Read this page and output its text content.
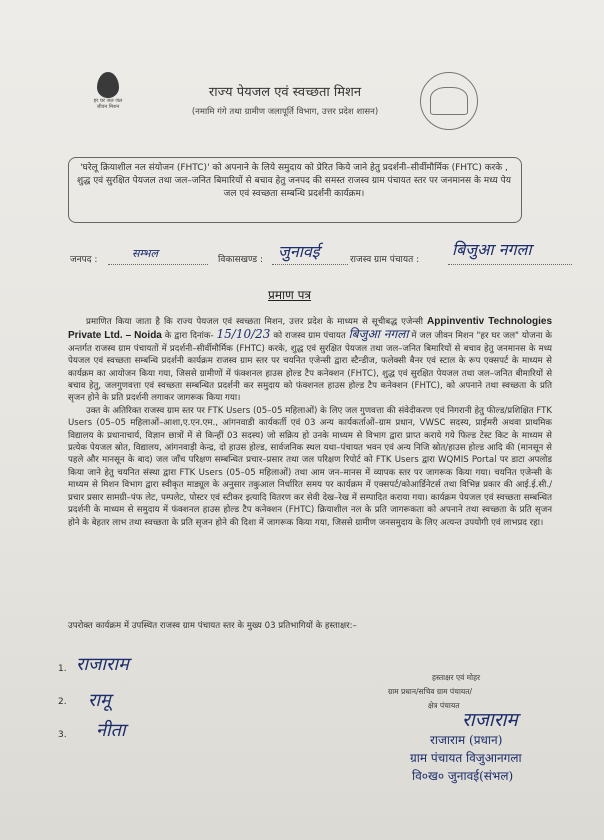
हर घर जल जल जीवन मिशन
राज्य पेयजल एवं स्वच्छता मिशन
(नमामि गंगे तथा ग्रामीण जलापूर्ति विभाग, उत्तर प्रदेश शासन)
'घरेलू क्रियाशील नल संयोजन (FHTC)' को अपनाने के लिये समुदाय को प्रेरित किये जाने हेतु प्रदर्शनी–सीर्वीमौर्मिक (FHTC) करके , शुद्ध एवं सुरक्षित पेयजल तथा जल–जनित बिमारियों से बचाव हेतु जनपद की समस्त राजस्व ग्राम पंचायत स्तर पर जनमानस के मध्य पेय जल एवं स्वच्छता सम्बन्धि प्रदर्शनी कार्यक्रम।
जनपद :	सम्भल	विकासखण्ड : जुनावई	राजस्व ग्राम पंचायत :
बिजुआ नगला
प्रमाण पत्र

प्रमाणित किया जाता है कि राज्य पेयजल एवं स्वच्छता मिशन, उत्तर प्रदेश के माध्यम से सूचीबद्ध एजेन्सी Appinventiv Technologies Private Ltd. – Noida के द्वारा दिनांक- 15/10/23 को राजस्व ग्राम पंचायत बिजुआ नगला में जल जीवन मिशन "हर घर जल" योजना के अन्तर्गत राजस्व ग्राम पंचायतों में प्रदर्शनी–सीर्वीमौर्मिक (FHTC) करके, शुद्ध एवं सुरक्षित पेयजल तथा जल–जनित बिमारियों से बचाव हेतु जनमानस के मध्य पेयजल एवं स्वच्छता सम्बन्धि प्रदर्शनी कार्यक्रम राजस्व ग्राम स्तर पर चयनित एजेन्सी द्वारा स्टैन्डीज, फलेक्सी बैनर एवं स्टाल के रूप एक्सपर्ट के माध्यम से कार्यक्रम का आयोजन किया गया, जिससे ग्रामीणों में फंक्शनल हाउस होल्ड टैप कनेक्शन (FHTC), शुद्ध एवं सुरक्षित पेयजल तथा जल–जनित बीमारियों से बचाव हेतु, जलगुणवत्ता एवं स्वच्छता सम्बन्धित प्रदर्शनी कर समुदाय को फंक्शनल हाउस होल्ड टैप कनेक्शन (FHTC), को अपनाने तथा स्वच्छता के प्रति सृजन होने के प्रति प्रदर्शनी लगाकर जागरूक किया गया।

उक्त के अतिरिक्त राजस्व ग्राम स्तर पर FTK Users (05–05 महिलाओं) के लिए जल गुणवत्ता की संवेदीकरण एवं निगरानी हेतु फील्ड/प्रशिक्षित FTK Users (05–05 महिलाओं–आशा,ए.एन.एम., आंगनवाडी कार्यकर्ती एवं 03 अन्य कार्यकर्ताओं–ग्राम प्रधान, VWSC सदस्य, प्राईमरी अथवा प्राथमिक विद्यालय के प्रधानाचार्य, विज्ञान छात्रों में से किन्हीं 03 सदस्य) जो सक्रिय हो उनके माध्यम से विभाग द्वारा प्राप्त कराये गये फिल्ड टेस्ट किट के माध्यम से प्रत्येक पेयजल स्रोत, विद्यालय, आंगनवाड़ी केन्द्र, दो हाउस होल्ड, सार्वजनिक स्थल यथा–पंचायत भवन एवं अन्य निजि स्रोत/हाउस होल्ड आदि की (मानसून से पहले और मानसून के बाद) जल जाँच परिक्षण सम्बन्धित प्रचार–प्रसार तथा जल परिक्षण रिपोर्ट को FTK Users द्वारा WQMIS Portal पर डाटा अपलोड किया जाने हेतु चयनित संस्था द्वारा FTK Users (05–05 महिलाओं) तथा आम जन–मानस में व्यापक स्तर पर जागरूक किया गया। चयनित एजेन्सी के माध्यम से मिशन विभाग द्वारा स्वीकृत माड्यूल के अनुसार तकुआल निर्धारित समय पर कार्यक्रम में एक्सपर्ट/कोआर्डिनेटर्स तथा विभिन्न प्रकार की आई.ई.सी./प्रचार प्रसार सामग्री–पंफ लेट, पम्पलेट, पोस्टर एवं स्टीकर इत्यादि वितरण कर सेवी देख–रेख में सम्पादित कराया गया। कार्यक्रम पेयजल एवं स्वच्छता सम्बन्धित प्रदर्शनी के माध्यम से समुदाय में फंक्शनल हाउस होल्ड टैप कनेक्शन (FHTC) क्रियाशील नल के प्रति जागरूकता को अपनाने तथा स्वच्छता के प्रति सृजन होने के बेहतर लाभ तथा स्वच्छता के प्रति सृजन होने की दिशा में जागरूक किया गया, जिससे ग्रामीण जनसमुदाय के लिए अत्यन्त उपयोगी एवं लाभप्रद रहा।

उपरोक्त कार्यक्रम में उपस्थित राजस्व ग्राम पंचायत स्तर के मुख्य 03 प्रतिभागियों के हस्ताक्षर:–
1. राजाराम
2. रामू
3. नीता
हस्ताक्षर एवं मोहर
ग्राम प्रधान/सचिव ग्राम पंचायत/
क्षेत्र पंचायत
राजाराम
राजाराम (प्रधान)
ग्राम पंचायत विजुआनगला
वि०ख० जुनावई(संभल)
